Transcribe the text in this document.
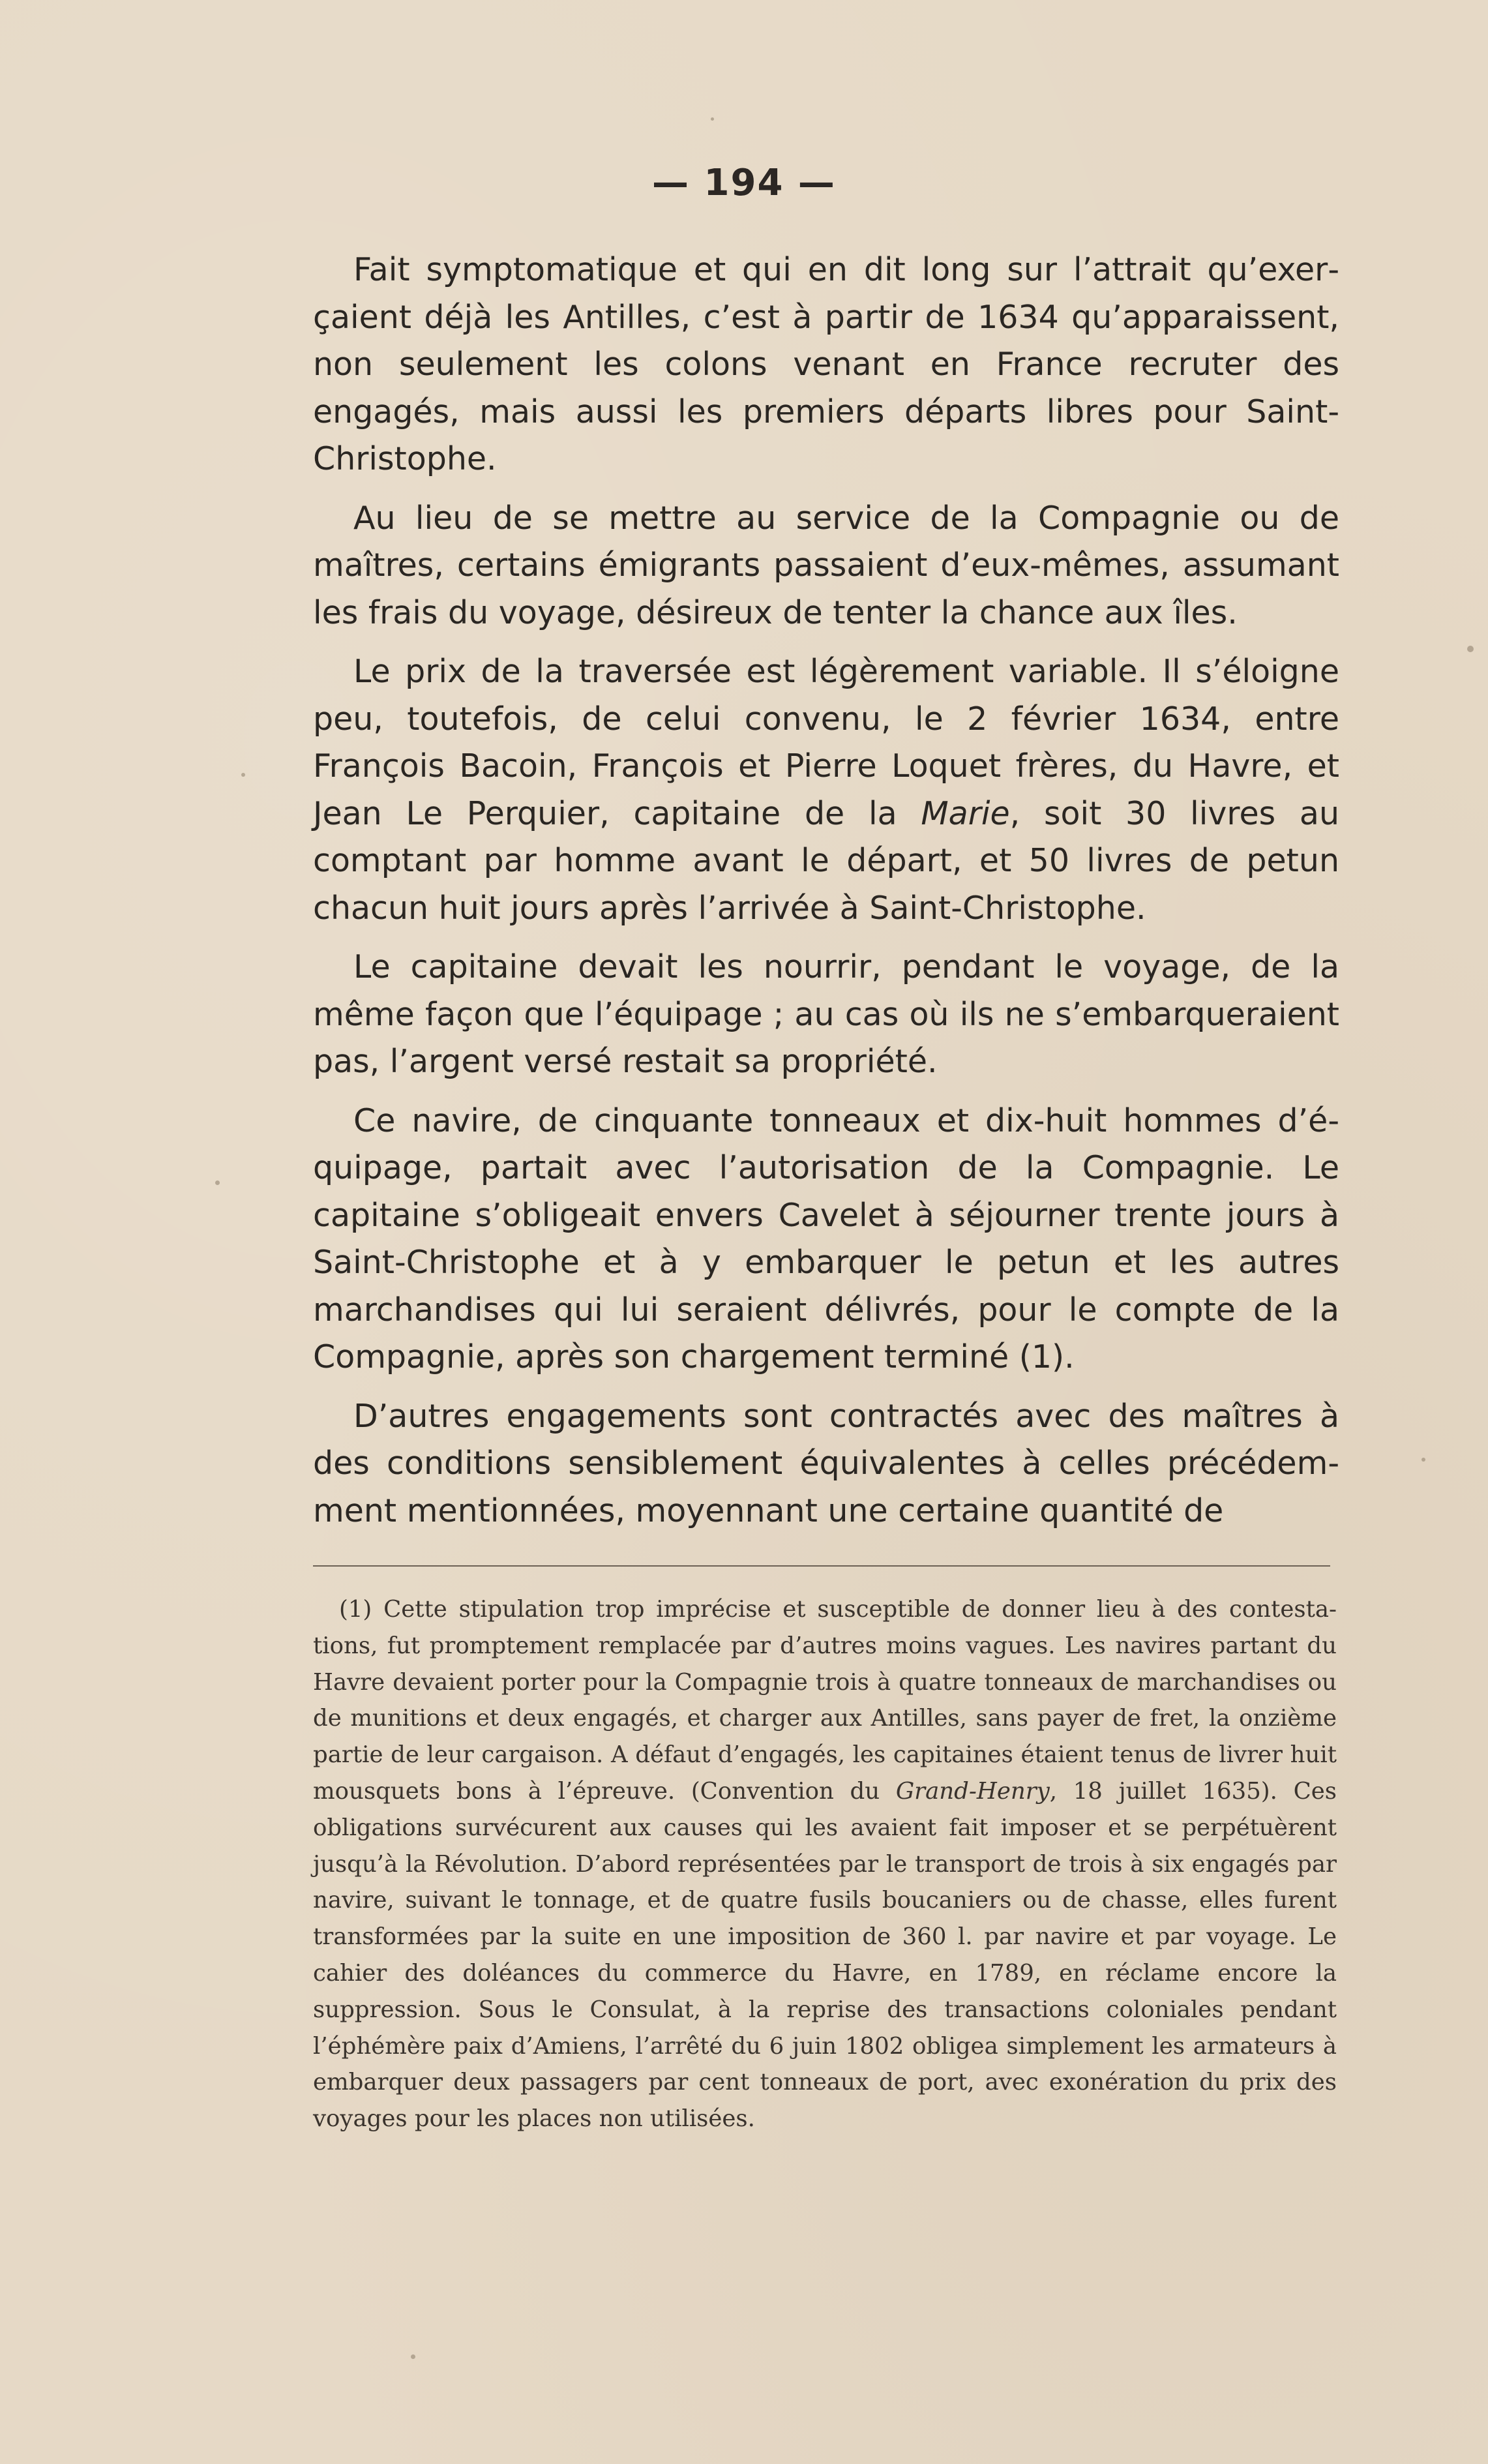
— 194 —

Fait symptomatique et qui en dit long sur l’attrait qu’exerçaient déjà les Antilles, c’est à partir de 1634 qu’apparaissent, non seulement les colons venant en France recruter des engagés, mais aussi les premiers départs libres pour Saint-Christophe.

Au lieu de se mettre au service de la Compagnie ou de maîtres, certains émigrants passaient d’eux-mêmes, assumant les frais du voyage, désireux de tenter la chance aux îles.

Le prix de la traversée est légèrement variable. Il s’éloigne peu, toutefois, de celui convenu, le 2 février 1634, entre François Bacoin, François et Pierre Loquet frères, du Havre, et Jean Le Perquier, capitaine de la Marie, soit 30 livres au comptant par homme avant le départ, et 50 livres de petun chacun huit jours après l’arrivée à Saint-Christophe.

Le capitaine devait les nourrir, pendant le voyage, de la même façon que l’équipage ; au cas où ils ne s’embarqueraient pas, l’argent versé restait sa propriété.

Ce navire, de cinquante tonneaux et dix-huit hommes d’équipage, partait avec l’autorisation de la Compagnie. Le capitaine s’obligeait envers Cavelet à séjourner trente jours à Saint-Christophe et à y embarquer le petun et les autres marchandises qui lui seraient délivrés, pour le compte de la Compagnie, après son chargement terminé (1).

D’autres engagements sont contractés avec des maîtres à des conditions sensiblement équivalentes à celles précédemment mentionnées, moyennant une certaine quantité de

(1) Cette stipulation trop imprécise et susceptible de donner lieu à des contestations, fut promptement remplacée par d’autres moins vagues. Les navires partant du Havre devaient porter pour la Compagnie trois à quatre tonneaux de marchandises ou de munitions et deux engagés, et charger aux Antilles, sans payer de fret, la onzième partie de leur cargaison. A défaut d’engagés, les capitaines étaient tenus de livrer huit mousquets bons à l’épreuve. (Convention du Grand-Henry, 18 juillet 1635). Ces obligations survécurent aux causes qui les avaient fait imposer et se perpétuèrent jusqu’à la Révolution. D’abord représentées par le transport de trois à six engagés par navire, suivant le tonnage, et de quatre fusils boucaniers ou de chasse, elles furent transformées par la suite en une imposition de 360 l. par navire et par voyage. Le cahier des doléances du commerce du Havre, en 1789, en réclame encore la suppression. Sous le Consulat, à la reprise des transactions coloniales pendant l’éphémère paix d’Amiens, l’arrêté du 6 juin 1802 obligea simplement les armateurs à embarquer deux passagers par cent tonneaux de port, avec exonération du prix des voyages pour les places non utilisées.
